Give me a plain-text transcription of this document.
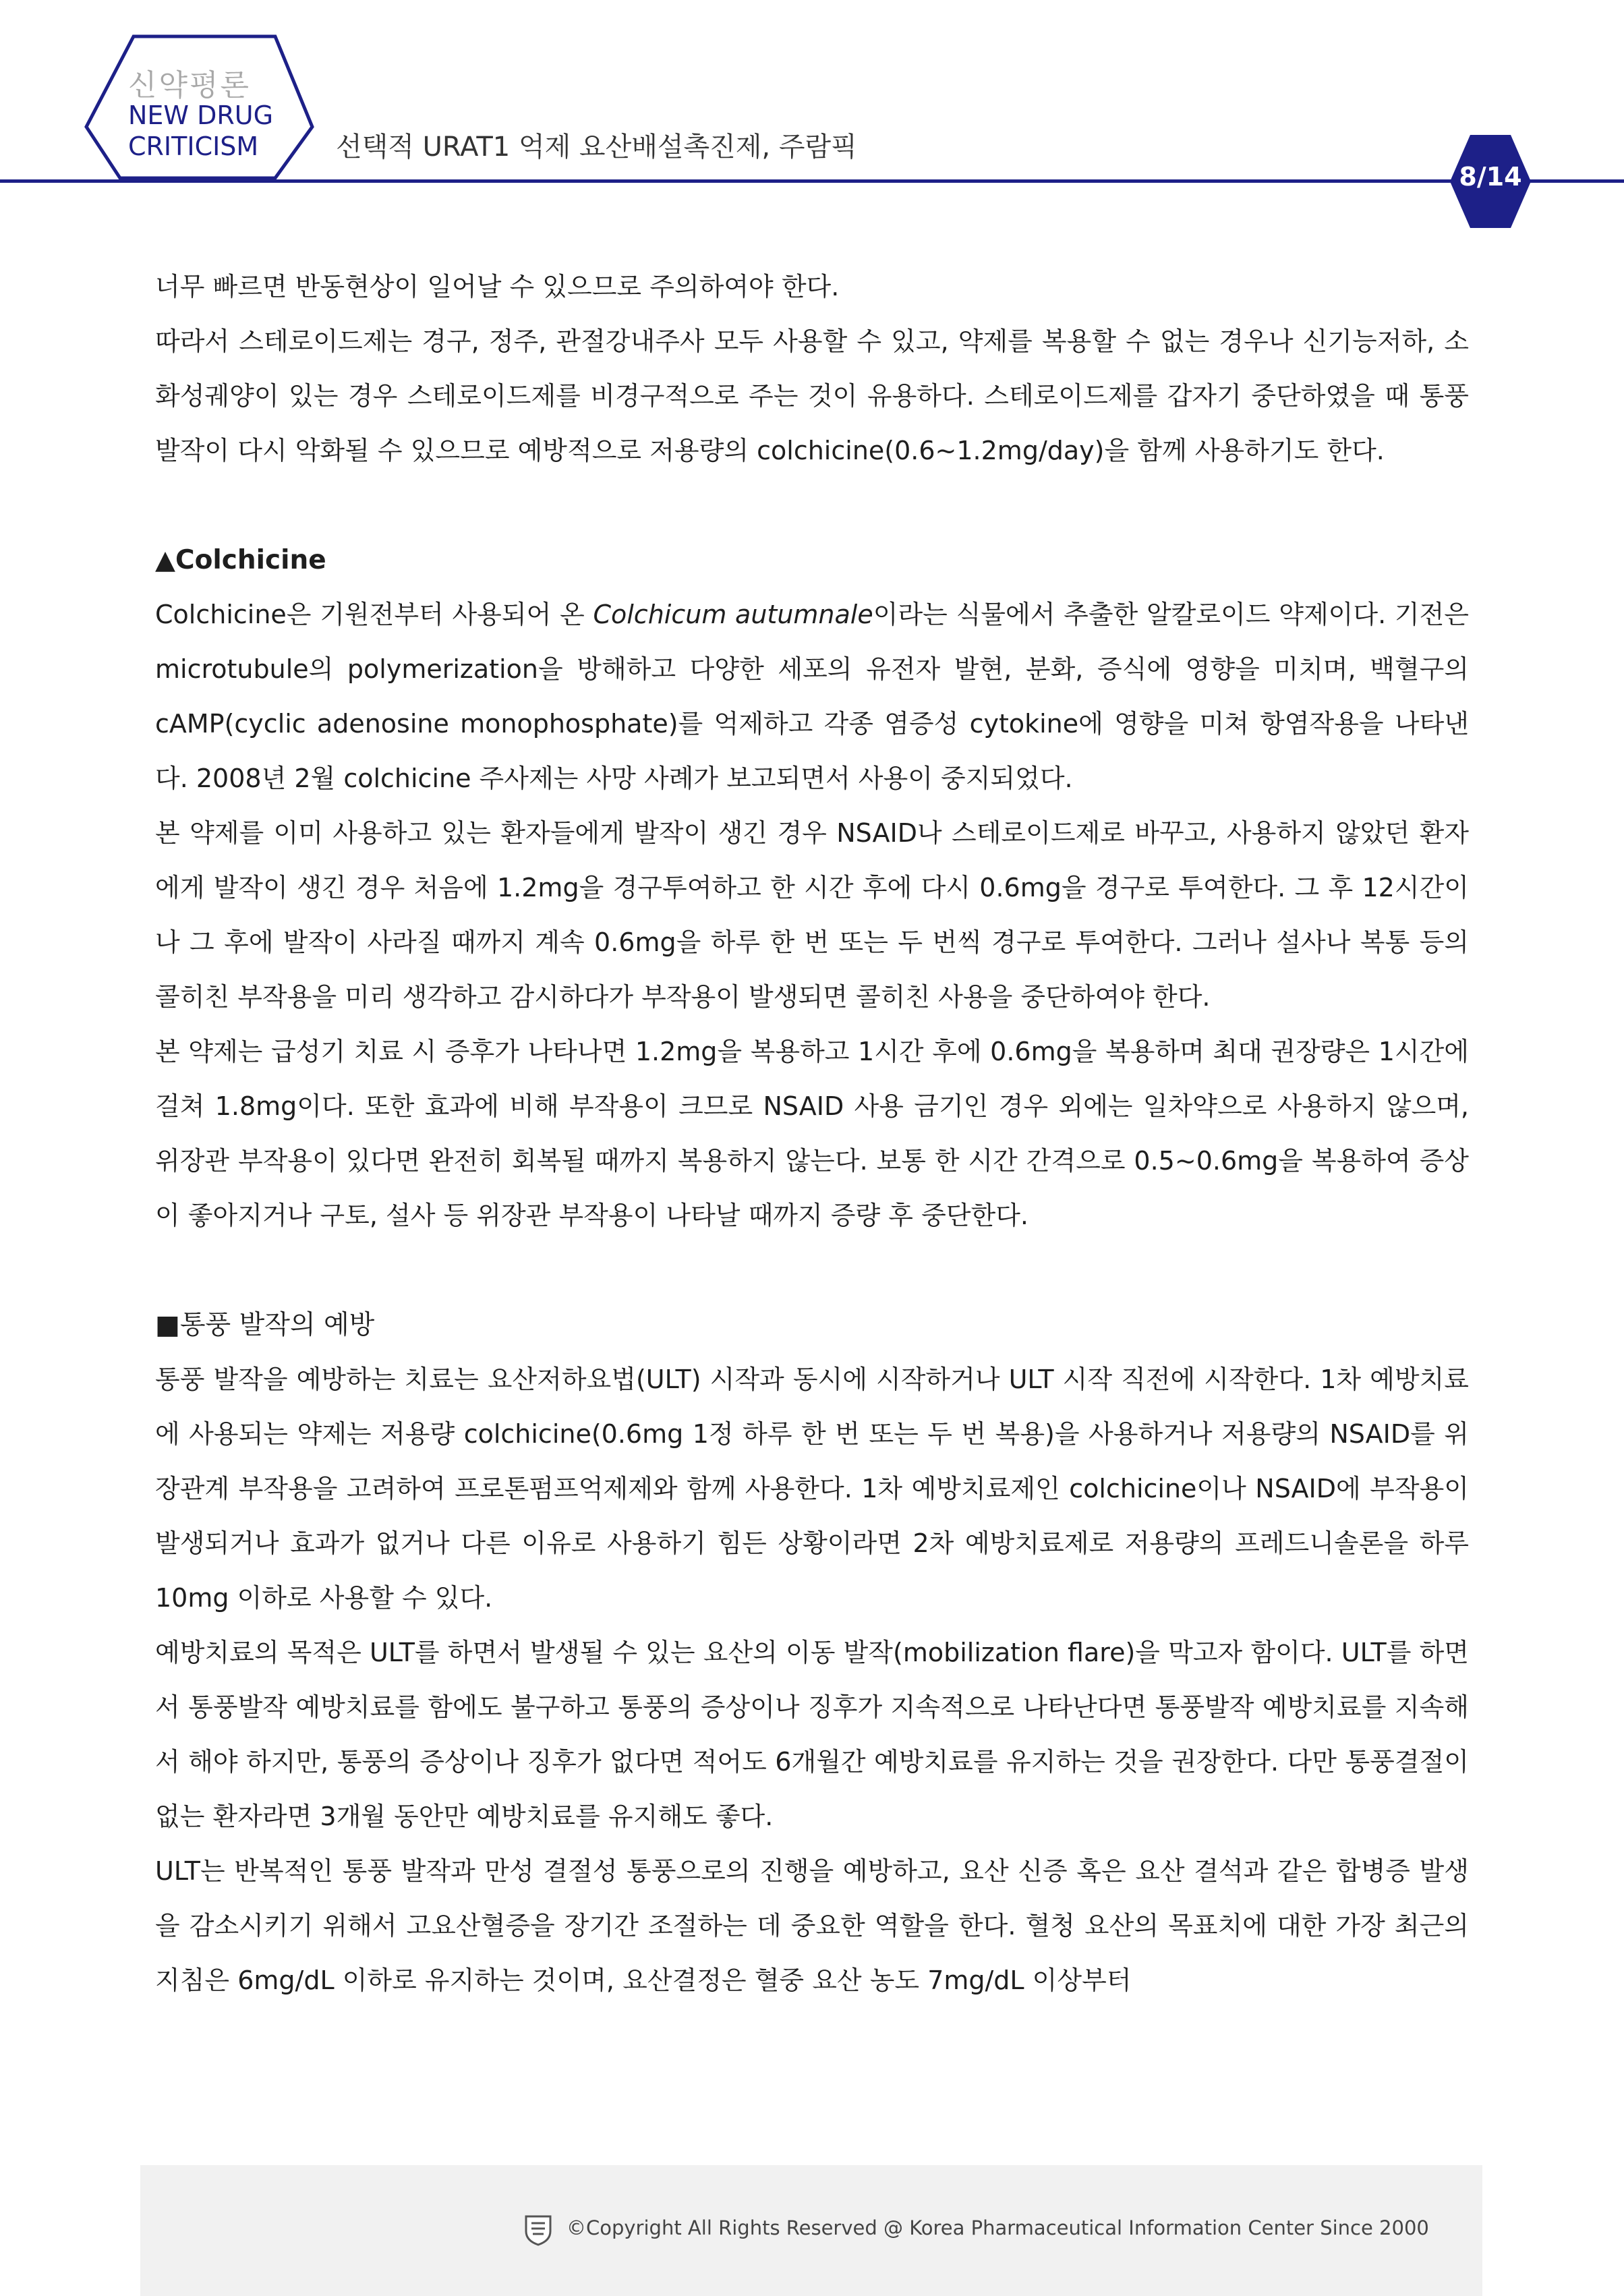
신약평론
NEW DRUG
CRITICISM	선택적 URAT1 억제 요산배설촉진제, 주람픽
8/14

너무 빠르면 반동현상이 일어날 수 있으므로 주의하여야 한다.

따라서 스테로이드제는 경구, 정주, 관절강내주사 모두 사용할 수 있고, 약제를 복용할 수 없는 경우나 신기능저하, 소화성궤양이 있는 경우 스테로이드제를 비경구적으로 주는 것이 유용하다. 스테로이드제를 갑자기 중단하였을 때 통풍발작이 다시 악화될 수 있으므로 예방적으로 저용량의 colchicine(0.6~1.2mg/day)을 함께 사용하기도 한다.

▲Colchicine

Colchicine은 기원전부터 사용되어 온 Colchicum autumnale이라는 식물에서 추출한 알칼로이드 약제이다. 기전은 microtubule의 polymerization을 방해하고 다양한 세포의 유전자 발현, 분화, 증식에 영향을 미치며, 백혈구의 cAMP(cyclic adenosine monophosphate)를 억제하고 각종 염증성 cytokine에 영향을 미쳐 항염작용을 나타낸다. 2008년 2월 colchicine 주사제는 사망 사례가 보고되면서 사용이 중지되었다.

본 약제를 이미 사용하고 있는 환자들에게 발작이 생긴 경우 NSAID나 스테로이드제로 바꾸고, 사용하지 않았던 환자에게 발작이 생긴 경우 처음에 1.2mg을 경구투여하고 한 시간 후에 다시 0.6mg을 경구로 투여한다. 그 후 12시간이나 그 후에 발작이 사라질 때까지 계속 0.6mg을 하루 한 번 또는 두 번씩 경구로 투여한다. 그러나 설사나 복통 등의 콜히친 부작용을 미리 생각하고 감시하다가 부작용이 발생되면 콜히친 사용을 중단하여야 한다.

본 약제는 급성기 치료 시 증후가 나타나면 1.2mg을 복용하고 1시간 후에 0.6mg을 복용하며 최대 권장량은 1시간에 걸쳐 1.8mg이다. 또한 효과에 비해 부작용이 크므로 NSAID 사용 금기인 경우 외에는 일차약으로 사용하지 않으며, 위장관 부작용이 있다면 완전히 회복될 때까지 복용하지 않는다. 보통 한 시간 간격으로 0.5~0.6mg을 복용하여 증상이 좋아지거나 구토, 설사 등 위장관 부작용이 나타날 때까지 증량 후 중단한다.

■통풍 발작의 예방

통풍 발작을 예방하는 치료는 요산저하요법(ULT) 시작과 동시에 시작하거나 ULT 시작 직전에 시작한다. 1차 예방치료에 사용되는 약제는 저용량 colchicine(0.6mg 1정 하루 한 번 또는 두 번 복용)을 사용하거나 저용량의 NSAID를 위장관계 부작용을 고려하여 프로톤펌프억제제와 함께 사용한다. 1차 예방치료제인 colchicine이나 NSAID에 부작용이 발생되거나 효과가 없거나 다른 이유로 사용하기 힘든 상황이라면 2차 예방치료제로 저용량의 프레드니솔론을 하루 10mg 이하로 사용할 수 있다.

예방치료의 목적은 ULT를 하면서 발생될 수 있는 요산의 이동 발작(mobilization flare)을 막고자 함이다. ULT를 하면서 통풍발작 예방치료를 함에도 불구하고 통풍의 증상이나 징후가 지속적으로 나타난다면 통풍발작 예방치료를 지속해서 해야 하지만, 통풍의 증상이나 징후가 없다면 적어도 6개월간 예방치료를 유지하는 것을 권장한다. 다만 통풍결절이 없는 환자라면 3개월 동안만 예방치료를 유지해도 좋다.

ULT는 반복적인 통풍 발작과 만성 결절성 통풍으로의 진행을 예방하고, 요산 신증 혹은 요산 결석과 같은 합병증 발생을 감소시키기 위해서 고요산혈증을 장기간 조절하는 데 중요한 역할을 한다. 혈청 요산의 목표치에 대한 가장 최근의 지침은 6mg/dL 이하로 유지하는 것이며, 요산결정은 혈중 요산 농도 7mg/dL 이상부터

©Copyright All Rights Reserved @ Korea Pharmaceutical Information Center Since 2000
